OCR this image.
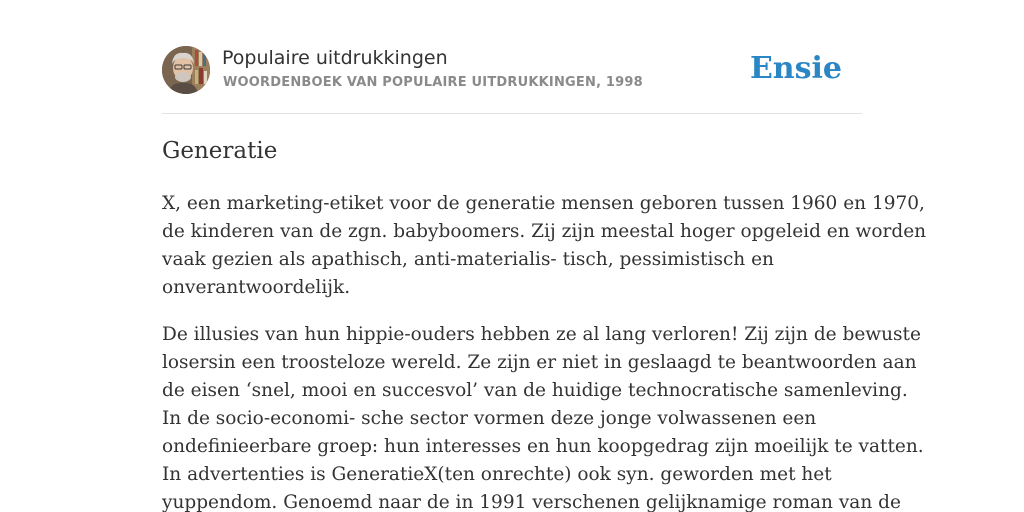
Populaire uitdrukkingen
WOORDENBOEK VAN POPULAIRE UITDRUKKINGEN, 1998	Ensie
Generatie

X, een marketing-etiket voor de generatie mensen geboren tussen 1960 en 1970,
de kinderen van de zgn. babyboomers. Zij zijn meestal hoger opgeleid en worden
vaak gezien als apathisch, anti-materialis- tisch, pessimistisch en
onverantwoordelijk.

De illusies van hun hippie-ouders hebben ze al lang verloren! Zij zijn de bewuste
losersin een troosteloze wereld. Ze zijn er niet in geslaagd te beantwoorden aan
de eisen ‘snel, mooi en succesvol’ van de huidige technocratische samenleving.
In de socio-economi- sche sector vormen deze jonge volwassenen een
ondefinieerbare groep: hun interesses en hun koopgedrag zijn moeilijk te vatten.
In advertenties is GeneratieX(ten onrechte) ook syn. geworden met het
yuppendom. Genoemd naar de in 1991 verschenen gelijknamige roman van de
